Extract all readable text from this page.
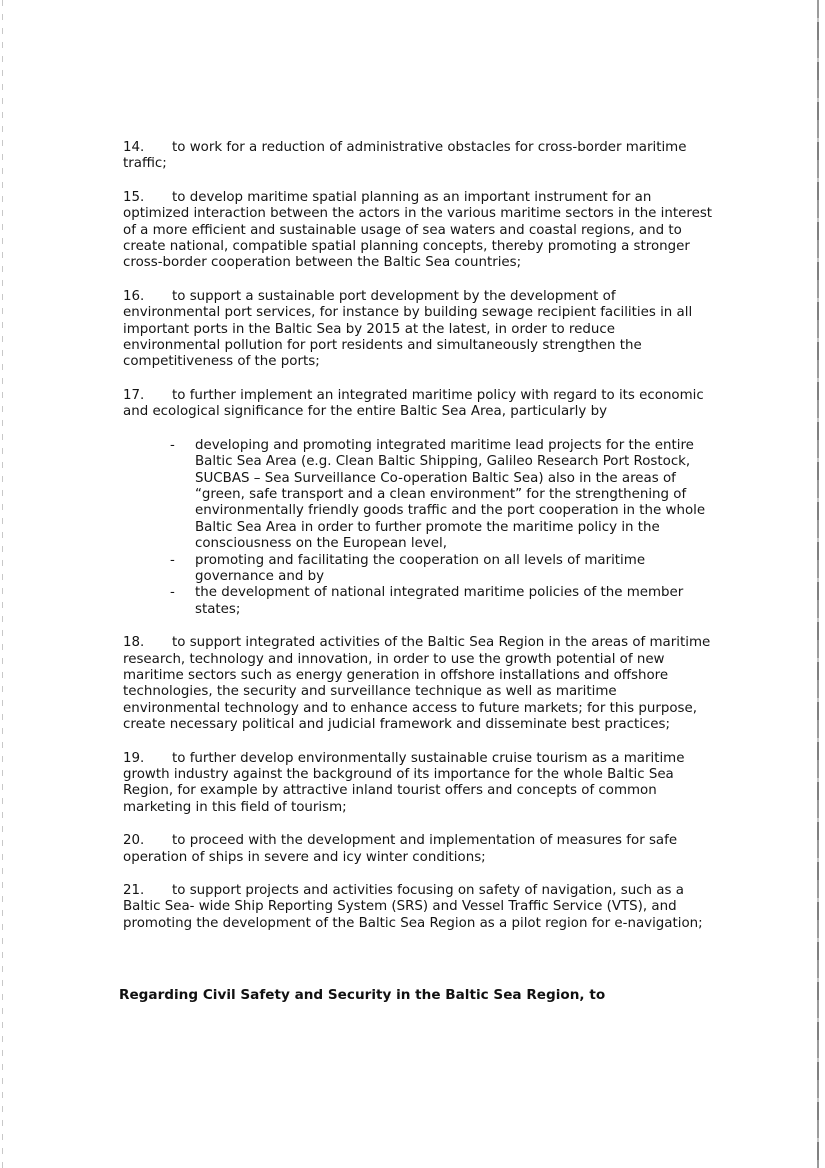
14. to work for a reduction of administrative obstacles for cross-border maritime traffic;

15. to develop maritime spatial planning as an important instrument for an optimized interaction between the actors in the various maritime sectors in the interest of a more efficient and sustainable usage of sea waters and coastal regions, and to create national, compatible spatial planning concepts, thereby promoting a stronger cross-border cooperation between the Baltic Sea countries;

16. to support a sustainable port development by the development of environmental port services, for instance by building sewage recipient facilities in all important ports in the Baltic Sea by 2015 at the latest, in order to reduce environmental pollution for port residents and simultaneously strengthen the competitiveness of the ports;

17. to further implement an integrated maritime policy with regard to its economic and ecological significance for the entire Baltic Sea Area, particularly by

- developing and promoting integrated maritime lead projects for the entire Baltic Sea Area (e.g. Clean Baltic Shipping, Galileo Research Port Rostock, SUCBAS – Sea Surveillance Co-operation Baltic Sea) also in the areas of “green, safe transport and a clean environment” for the strengthening of environmentally friendly goods traffic and the port cooperation in the whole Baltic Sea Area in order to further promote the maritime policy in the consciousness on the European level,
- promoting and facilitating the cooperation on all levels of maritime governance and by
- the development of national integrated maritime policies of the member states;

18. to support integrated activities of the Baltic Sea Region in the areas of maritime research, technology and innovation, in order to use the growth potential of new maritime sectors such as energy generation in offshore installations and offshore technologies, the security and surveillance technique as well as maritime environmental technology and to enhance access to future markets; for this purpose, create necessary political and judicial framework and disseminate best practices;

19. to further develop environmentally sustainable cruise tourism as a maritime growth industry against the background of its importance for the whole Baltic Sea Region, for example by attractive inland tourist offers and concepts of common marketing in this field of tourism;

20. to proceed with the development and implementation of measures for safe operation of ships in severe and icy winter conditions;

21. to support projects and activities focusing on safety of navigation, such as a Baltic Sea- wide Ship Reporting System (SRS) and Vessel Traffic Service (VTS), and promoting the development of the Baltic Sea Region as a pilot region for e-navigation;

Regarding Civil Safety and Security in the Baltic Sea Region, to
